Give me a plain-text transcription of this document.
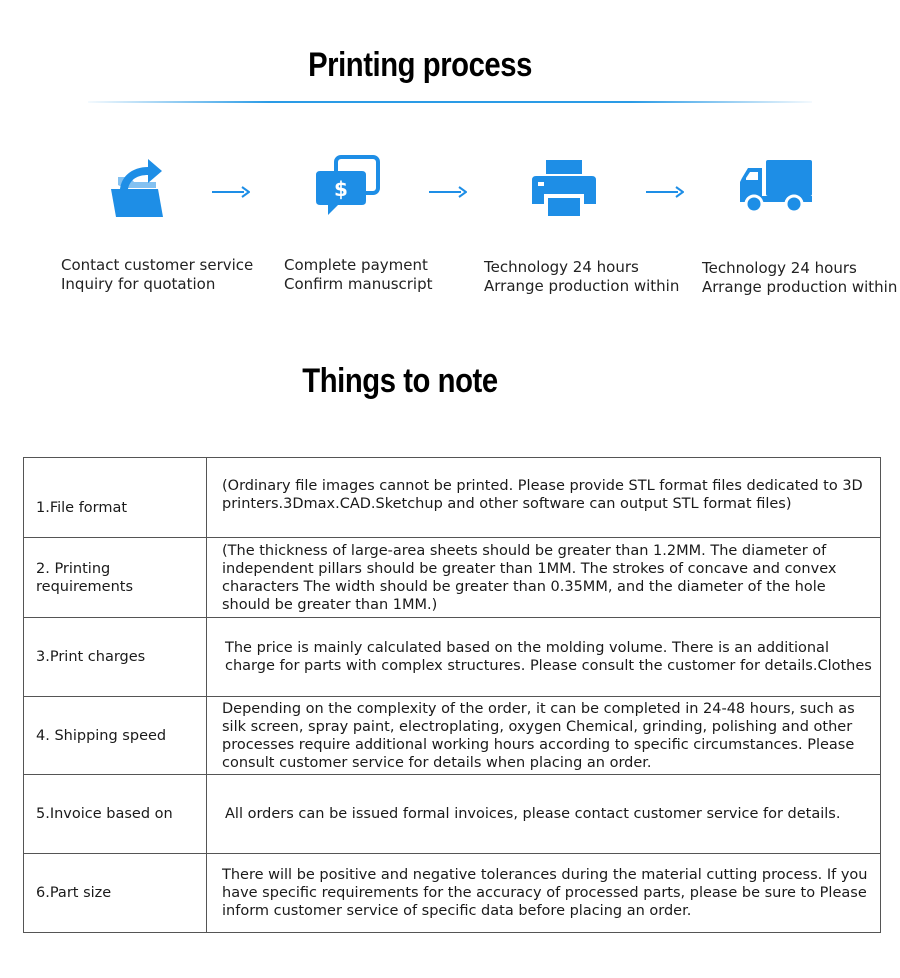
Printing process
$
Contact customer service
Inquiry for quotation
Complete payment
Confirm manuscript
Technology 24 hours
Arrange production within
Technology 24 hours
Arrange production within
Things to note
1.File format	(Ordinary file images cannot be printed. Please provide STL format files dedicated to 3D printers.3Dmax.CAD.Sketchup and other software can output STL format files)
2. Printing requirements	(The thickness of large-area sheets should be greater than 1.2MM. The diameter of independent pillars should be greater than 1MM. The strokes of concave and convex characters The width should be greater than 0.35MM, and the diameter of the hole should be greater than 1MM.)
3.Print charges	The price is mainly calculated based on the molding volume. There is an additional charge for parts with complex structures. Please consult the customer for details.Clothes
4. Shipping speed	Depending on the complexity of the order, it can be completed in 24-48 hours, such as silk screen, spray paint, electroplating, oxygen Chemical, grinding, polishing and other processes require additional working hours according to specific circumstances. Please consult customer service for details when placing an order.
5.Invoice based on	All orders can be issued formal invoices, please contact customer service for details.
6.Part size	There will be positive and negative tolerances during the material cutting process. If you have specific requirements for the accuracy of processed parts, please be sure to Please inform customer service of specific data before placing an order.
